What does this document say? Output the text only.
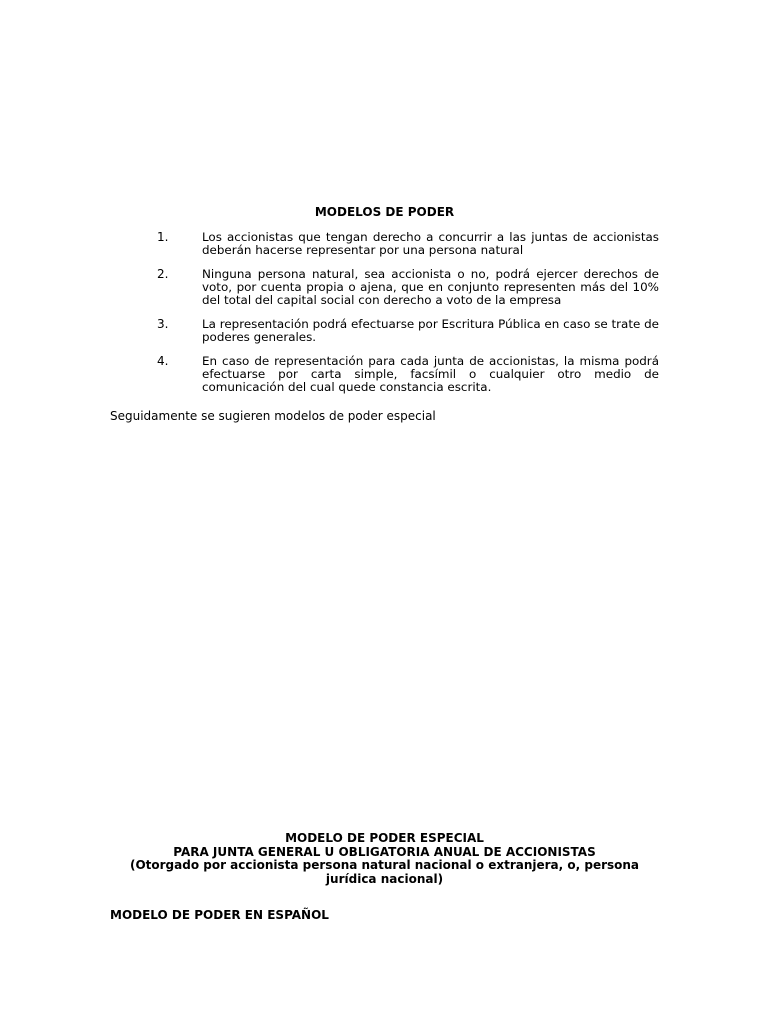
MODELOS DE PODER
1.	Los accionistas que tengan derecho a concurrir a las juntas de accionistas deberán hacerse representar por una persona natural
2.	Ninguna persona natural, sea accionista o no, podrá ejercer derechos de voto, por cuenta propia o ajena, que en conjunto representen más del 10% del total del capital social con derecho a voto de la empresa
3.	La representación podrá efectuarse por Escritura Pública en caso se trate de poderes generales.
4.	En caso de representación para cada junta de accionistas, la misma podrá efectuarse por carta simple, facsímil o cualquier otro medio de comunicación del cual quede constancia escrita.
Seguidamente se sugieren modelos de poder especial
MODELO DE PODER ESPECIAL
PARA JUNTA GENERAL U OBLIGATORIA ANUAL DE ACCIONISTAS
(Otorgado por accionista persona natural nacional o extranjera, o, persona jurídica nacional)
MODELO DE PODER EN ESPAÑOL
